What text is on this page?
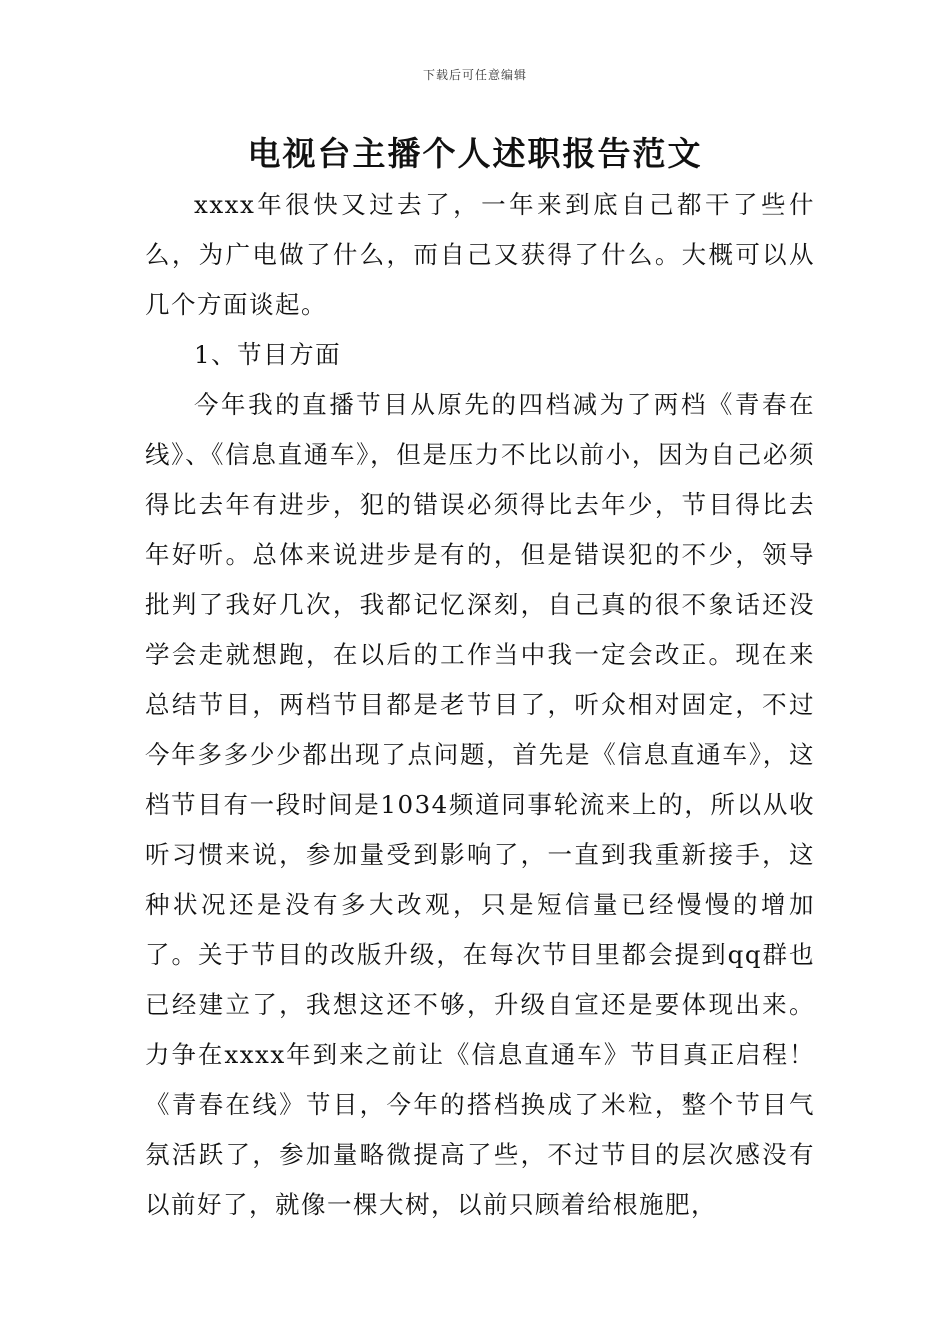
下载后可任意编辑
电视台主播个人述职报告范文

xxxx年很快又过去了，一年来到底自己都干了些什么，为广电做了什么，而自己又获得了什么。大概可以从几个方面谈起。

1、节目方面

今年我的直播节目从原先的四档减为了两档《青春在线》、《信息直通车》，但是压力不比以前小，因为自己必须得比去年有进步，犯的错误必须得比去年少，节目得比去年好听。总体来说进步是有的，但是错误犯的不少，领导批判了我好几次，我都记忆深刻，自己真的很不象话还没学会走就想跑，在以后的工作当中我一定会改正。现在来总结节目，两档节目都是老节目了，听众相对固定，不过今年多多少少都出现了点问题，首先是《信息直通车》，这档节目有一段时间是1034频道同事轮流来上的，所以从收听习惯来说，参加量受到影响了，一直到我重新接手，这种状况还是没有多大改观，只是短信量已经慢慢的增加了。关于节目的改版升级，在每次节目里都会提到qq群也已经建立了，我想这还不够，升级自宣还是要体现出来。力争在xxxx年到来之前让《信息直通车》节目真正启程！《青春在线》节目，今年的搭档换成了米粒，整个节目气氛活跃了，参加量略微提高了些，不过节目的层次感没有以前好了，就像一棵大树，以前只顾着给根施肥，
